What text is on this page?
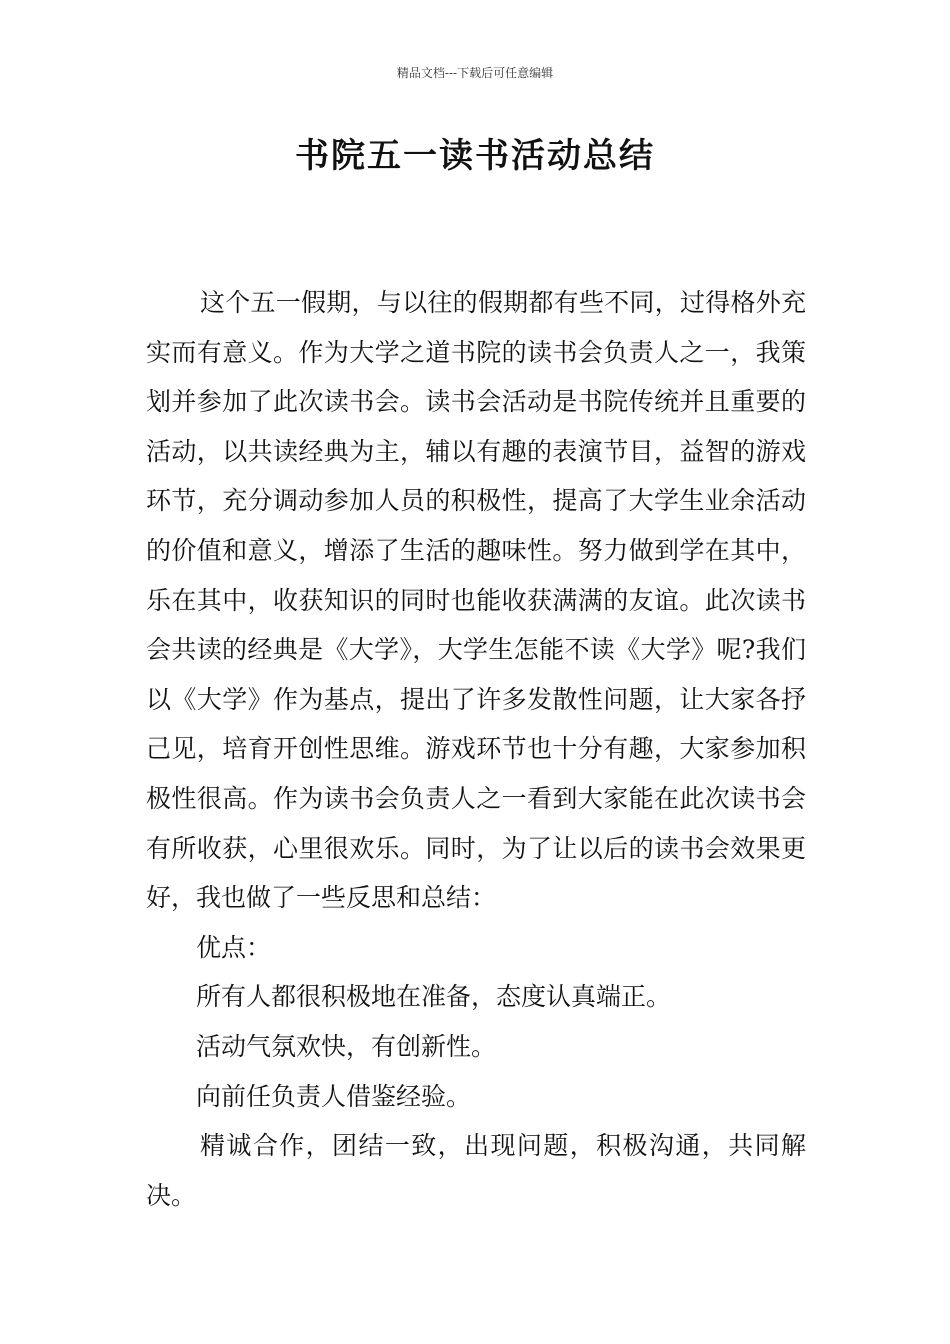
精品文档---下载后可任意编辑
书院五一读书活动总结

这个五一假期，与以往的假期都有些不同，过得格外充实而有意义。作为大学之道书院的读书会负责人之一，我策划并参加了此次读书会。读书会活动是书院传统并且重要的活动，以共读经典为主，辅以有趣的表演节目，益智的游戏环节，充分调动参加人员的积极性，提高了大学生业余活动的价值和意义，增添了生活的趣味性。努力做到学在其中，乐在其中，收获知识的同时也能收获满满的友谊。此次读书会共读的经典是《大学》，大学生怎能不读《大学》呢?我们以《大学》作为基点，提出了许多发散性问题，让大家各抒己见，培育开创性思维。游戏环节也十分有趣，大家参加积极性很高。作为读书会负责人之一看到大家能在此次读书会有所收获，心里很欢乐。同时，为了让以后的读书会效果更好，我也做了一些反思和总结：

优点：

所有人都很积极地在准备，态度认真端正。

活动气氛欢快，有创新性。

向前任负责人借鉴经验。

精诚合作，团结一致，出现问题，积极沟通，共同解决。
